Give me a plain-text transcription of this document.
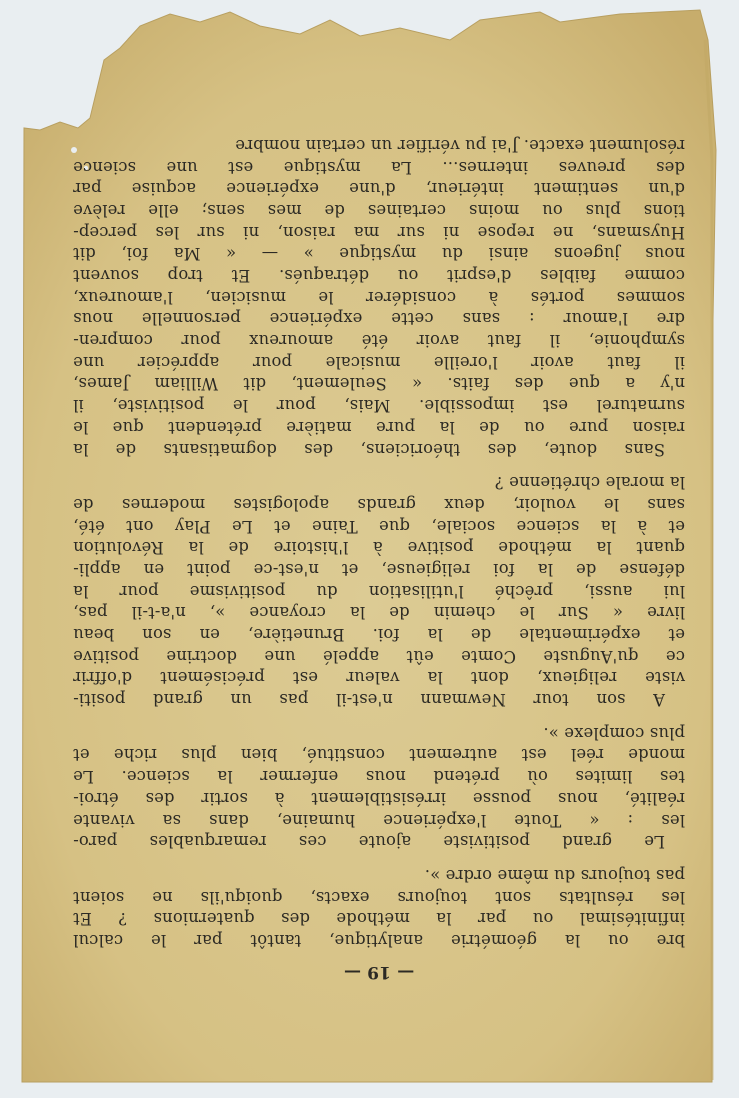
— 19 —
bre ou la géométrie analytique, tantôt par le calcul
infinitésimal ou par la méthode des quaternions ? Et
les résultats sont toujours exacts, quoiqu'ils ne soient
pas toujours du même ordre ».
Le grand positiviste ajoute ces remarquables paro-
les : « Toute l'expérience humaine, dans sa vivante
réalité, nous pousse irrésistiblement à sortir des étroi-
tes limites où prétend nous enfermer la science. Le
monde réel est autrement constitué, bien plus riche et
plus complexe ».
A son tour Newmann n'est-il pas un grand positi-
viste religieux, dont la valeur est précisément d'offrir
ce qu'Auguste Comte eût appelé une doctrine positive
et expérimentale de la foi. Brunetière, en son beau
livre « Sur le chemin de la croyance », n'a-t-il pas,
lui aussi, prêché l'utilisation du positivisme pour la
défense de la foi religieuse, et n'est-ce point en appli-
quant la méthode positive à l'histoire de la Révolution
et à la science sociale, que Taine et Le Play ont été,
sans le vouloir, deux grands apologistes modernes de
la morale chrétienne ?
Sans doute, des théoriciens, des dogmatisants de la
raison pure ou de la pure matière prétendent que le
surnaturel est impossible. Mais, pour le positiviste, il
n'y a que des faits. « Seulement, dit William James,
il faut avoir l'oreille musicale pour apprécier une
symphonie, il faut avoir été amoureux pour compren-
dre l'amour : sans cette expérience personnelle nous
sommes portés à considérer le musicien, l'amoureux,
comme faibles d'esprit ou détraqués. Et trop souvent
nous jugeons ainsi du mystique » — « Ma foi, dit
Huysmans, ne repose ni sur ma raison, ni sur les percep-
tions plus ou moins certaines de mes sens; elle relève
d'un sentiment intérieur, d'une expérience acquise par
des preuves internes... La mystique est une science
résolument exacte. J'ai pu vérifier un certain nombre
